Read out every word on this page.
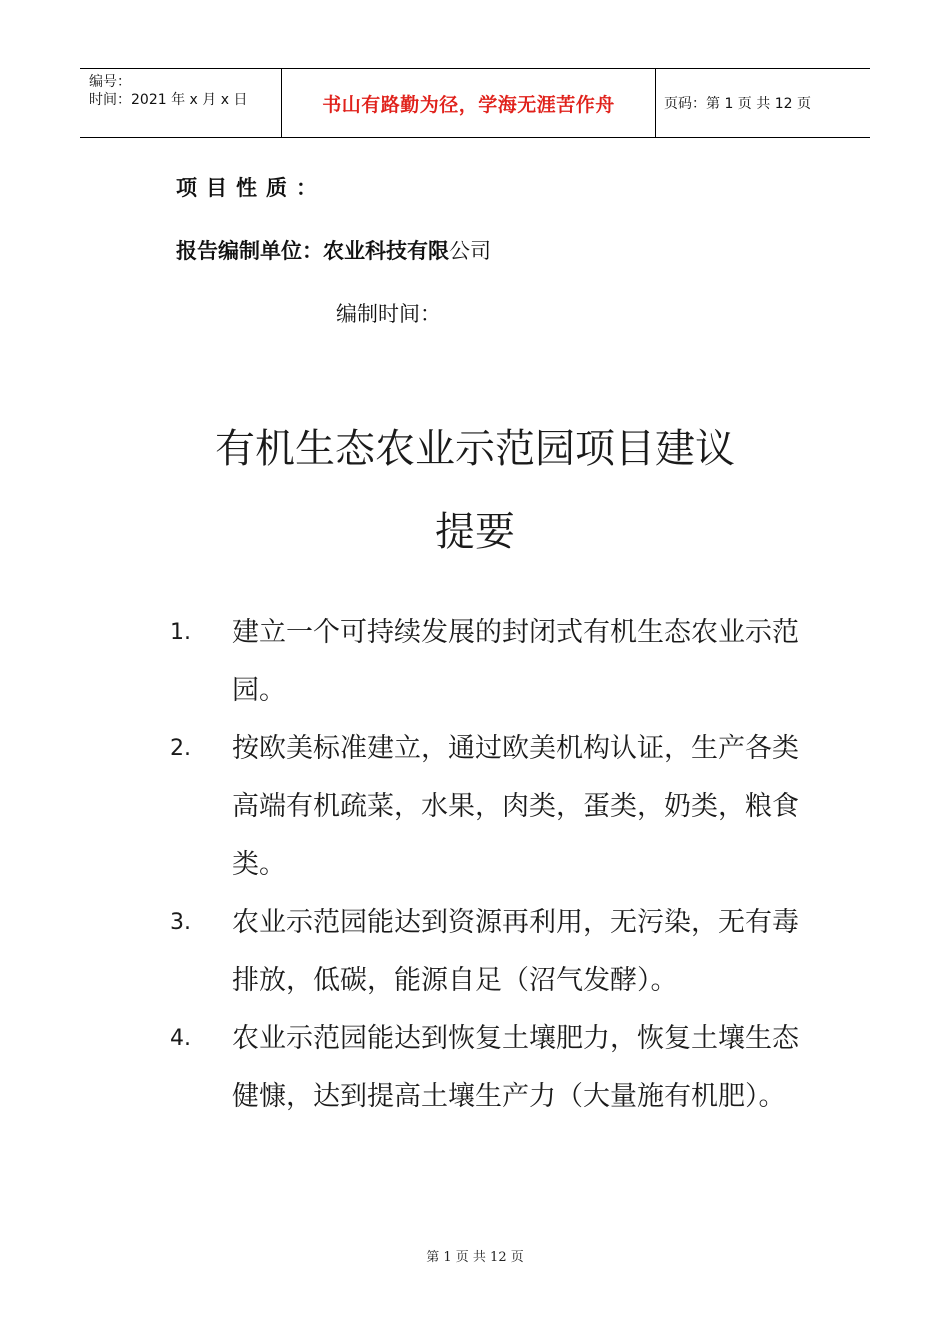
编号：
时间：2021 年 x 月 x 日	书山有路勤为径，学海无涯苦作舟	页码：第 1 页 共 12 页
项目性质：
报告编制单位：农业科技有限公司
编制时间：
有机生态农业示范园项目建议
提要
1. 建立一个可持续发展的封闭式有机生态农业示范园。
2. 按欧美标准建立，通过欧美机构认证，生产各类高端有机疏菜，水果，肉类，蛋类，奶类，粮食类。
3. 农业示范园能达到资源再利用，无污染，无有毒排放，低碳，能源自足（沼气发酵）。
4. 农业示范园能达到恢复土壤肥力，恢复土壤生态健慷，达到提高土壤生产力（大量施有机肥）。
第 1 页 共 12 页
